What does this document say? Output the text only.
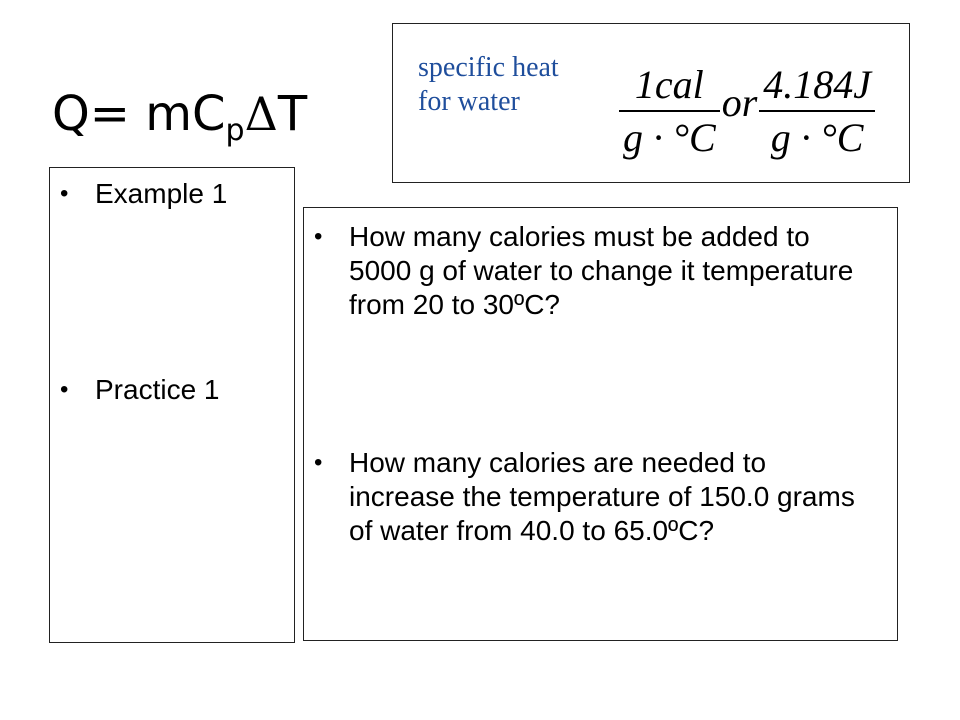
$Q= mC_p\Delta T$
specific heat
for water	$\frac{\text{1cal}}{g \cdot ^\circ C}$ or $\frac{4.184J}{g \cdot ^\circ C}$
• Example 1
• Practice 1
• How many calories must be added to 5000 g of water to change it temperature from 20 to 30ºC?
• How many calories are needed to increase the temperature of 150.0 grams of water from 40.0 to 65.0ºC?
